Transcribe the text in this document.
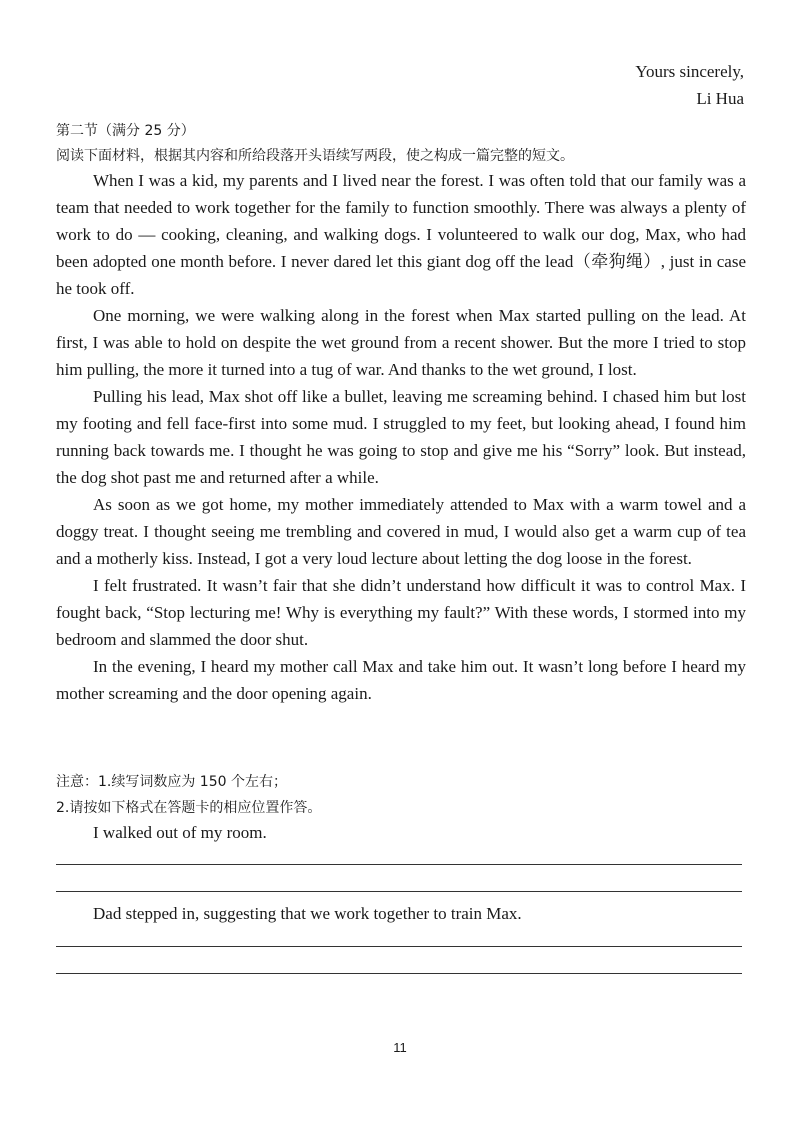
Yours sincerely,
Li Hua
第二节（满分 25 分）
阅读下面材料，根据其内容和所给段落开头语续写两段，使之构成一篇完整的短文。

When I was a kid, my parents and I lived near the forest. I was often told that our family was a team that needed to work together for the family to function smoothly. There was always a plenty of work to do — cooking, cleaning, and walking dogs. I volunteered to walk our dog, Max, who had been adopted one month before. I never dared let this giant dog off the lead（牵狗绳）, just in case he took off.

One morning, we were walking along in the forest when Max started pulling on the lead. At first, I was able to hold on despite the wet ground from a recent shower. But the more I tried to stop him pulling, the more it turned into a tug of war. And thanks to the wet ground, I lost.

Pulling his lead, Max shot off like a bullet, leaving me screaming behind. I chased him but lost my footing and fell face-first into some mud. I struggled to my feet, but looking ahead, I found him running back towards me. I thought he was going to stop and give me his “Sorry” look. But instead, the dog shot past me and returned after a while.

As soon as we got home, my mother immediately attended to Max with a warm towel and a doggy treat. I thought seeing me trembling and covered in mud, I would also get a warm cup of tea and a motherly kiss. Instead, I got a very loud lecture about letting the dog loose in the forest.

I felt frustrated. It wasn’t fair that she didn’t understand how difficult it was to control Max. I fought back, “Stop lecturing me! Why is everything my fault?” With these words, I stormed into my bedroom and slammed the door shut.

In the evening, I heard my mother call Max and take him out. It wasn’t long before I heard my mother screaming and the door opening again.

注意：1.续写词数应为 150 个左右；
2.请按如下格式在答题卡的相应位置作答。
I walked out of my room.
Dad stepped in, suggesting that we work together to train Max.
11
